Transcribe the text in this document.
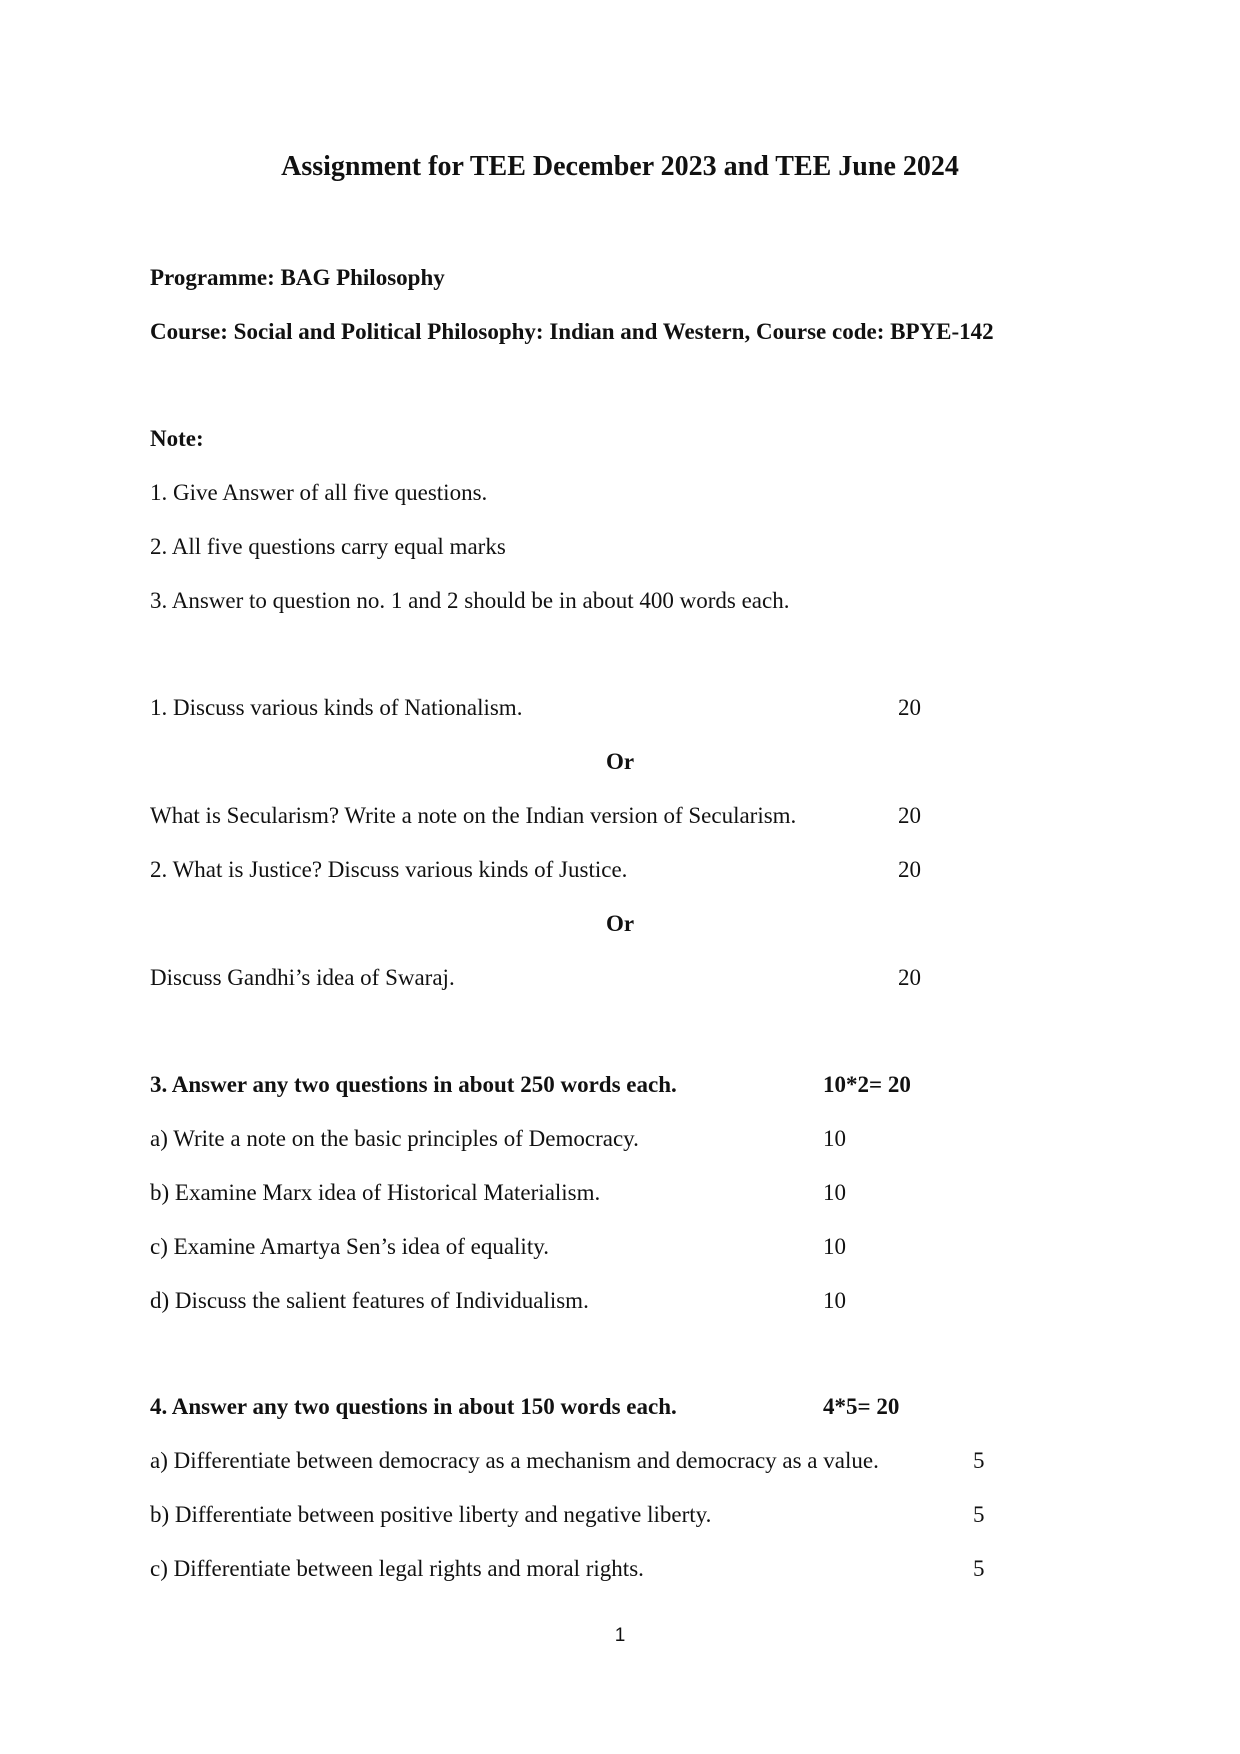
Assignment for TEE December 2023 and TEE June 2024
Programme: BAG Philosophy
Course: Social and Political Philosophy: Indian and Western, Course code: BPYE-142
Note:
1. Give Answer of all five questions.
2. All five questions carry equal marks
3. Answer to question no. 1 and 2 should be in about 400 words each.
1. Discuss various kinds of Nationalism.	20
Or
What is Secularism? Write a note on the Indian version of Secularism.	20
2. What is Justice? Discuss various kinds of Justice.	20
Or
Discuss Gandhi’s idea of Swaraj.	20
3. Answer any two questions in about 250 words each.	10*2= 20
a) Write a note on the basic principles of Democracy.	10
b) Examine Marx idea of Historical Materialism.	10
c) Examine Amartya Sen’s idea of equality.	10
d) Discuss the salient features of Individualism.	10
4. Answer any two questions in about 150 words each.	4*5= 20
a) Differentiate between democracy as a mechanism and democracy as a value.	5
b) Differentiate between positive liberty and negative liberty.	5
c) Differentiate between legal rights and moral rights.	5
1
